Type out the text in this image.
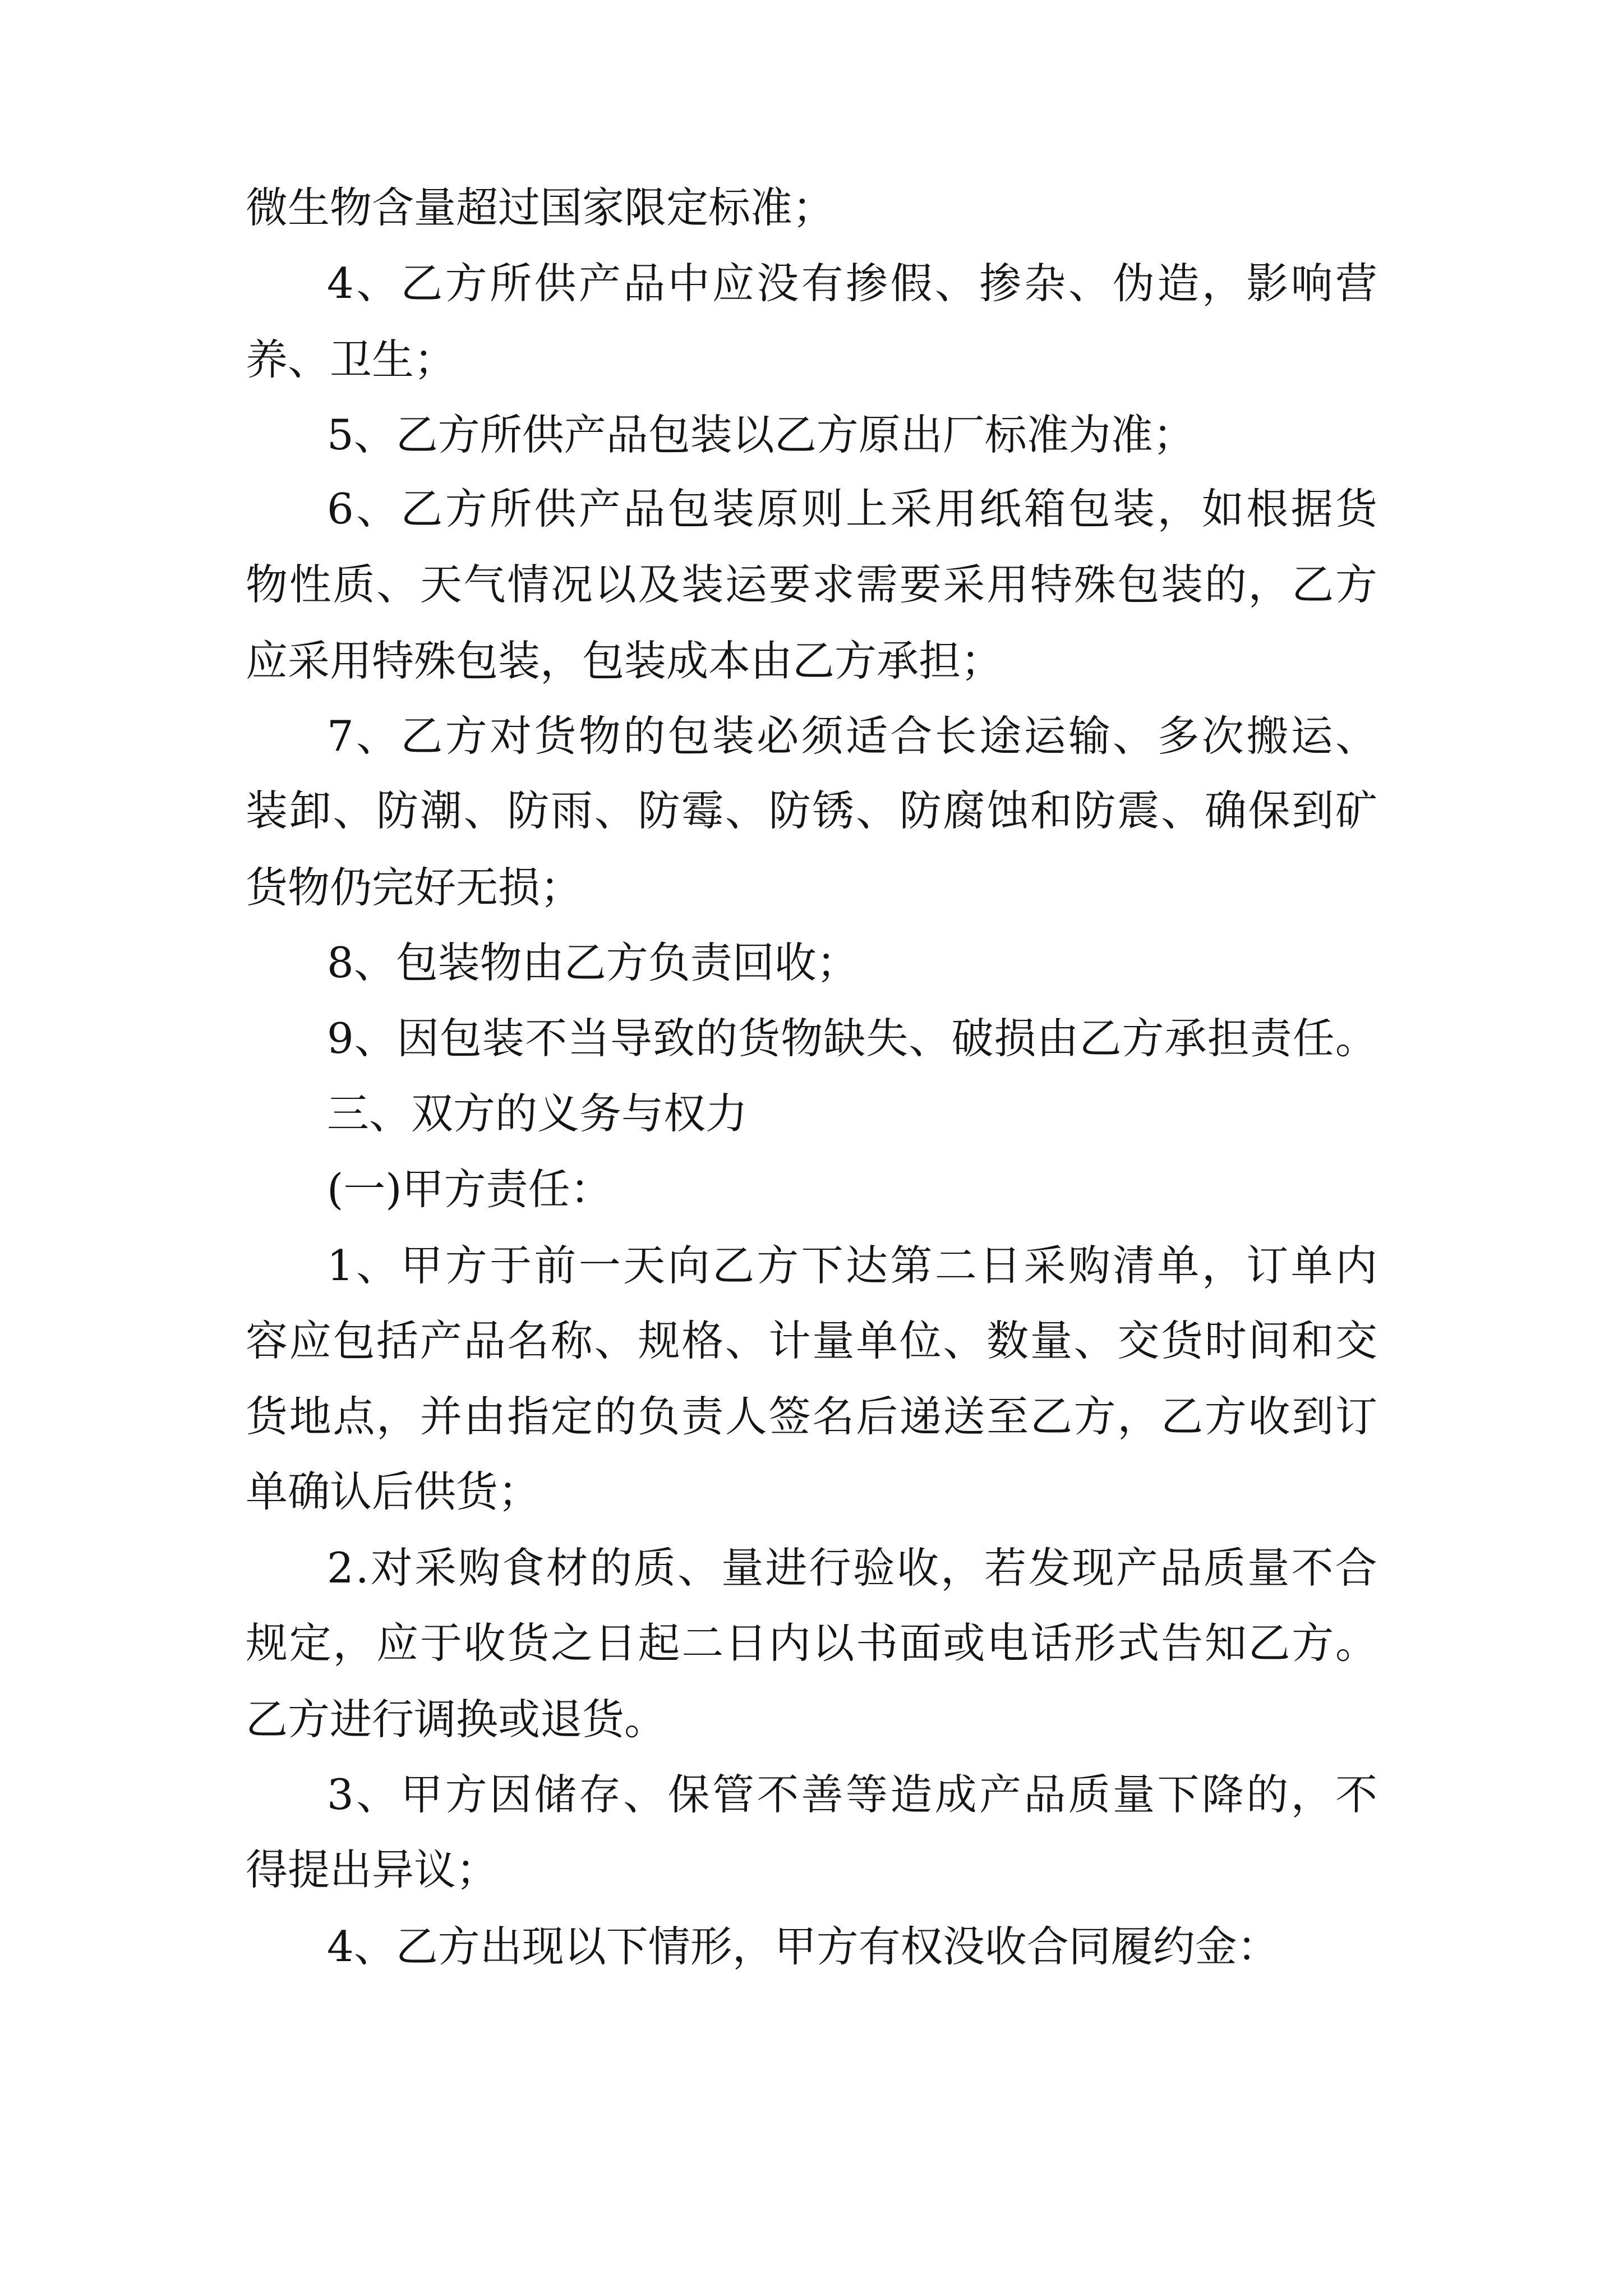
微生物含量超过国家限定标准；
4 、 乙 方 所 供 产 品 中 应 没 有 掺 假 、 掺 杂 、 伪 造 ， 影 响 营
养、卫生；
5、乙方所供产品包装以乙方原出厂标准为准；
6 、 乙 方 所 供 产 品 包 装 原 则 上 采 用 纸 箱 包 装 ， 如 根 据 货
物 性 质 、 天 气 情 况 以 及 装 运 要 求 需 要 采 用 特 殊 包 装 的 ， 乙 方
应采用特殊包装，包装成本由乙方承担；
7 、 乙 方 对 货 物 的 包 装 必 须 适 合 长 途 运 输 、 多 次 搬 运 、
装 卸 、 防 潮 、 防 雨 、 防 霉 、 防 锈 、 防 腐 蚀 和 防 震 、 确 保 到 矿
货物仍完好无损；
8、包装物由乙方负责回收；
9 、 因 包 装 不 当 导 致 的 货 物 缺 失 、 破 损 由 乙 方 承 担 责 任 。
三、双方的义务与权力
(一)甲方责任：
1 、 甲 方 于 前 一 天 向 乙 方 下 达 第 二 日 采 购 清 单 ， 订 单 内
容 应 包 括 产 品 名 称 、 规 格 、 计 量 单 位 、 数 量 、 交 货 时 间 和 交
货 地 点 ， 并 由 指 定 的 负 责 人 签 名 后 递 送 至 乙 方 ， 乙 方 收 到 订
单确认后供货；
2 . 对 采 购 食 材 的 质 、 量 进 行 验 收 ， 若 发 现 产 品 质 量 不 合
规 定 ， 应 于 收 货 之 日 起 二 日 内 以 书 面 或 电 话 形 式 告 知 乙 方 。
乙方进行调换或退货。
3 、 甲 方 因 储 存 、 保 管 不 善 等 造 成 产 品 质 量 下 降 的 ， 不
得提出异议；
4、乙方出现以下情形，甲方有权没收合同履约金：
